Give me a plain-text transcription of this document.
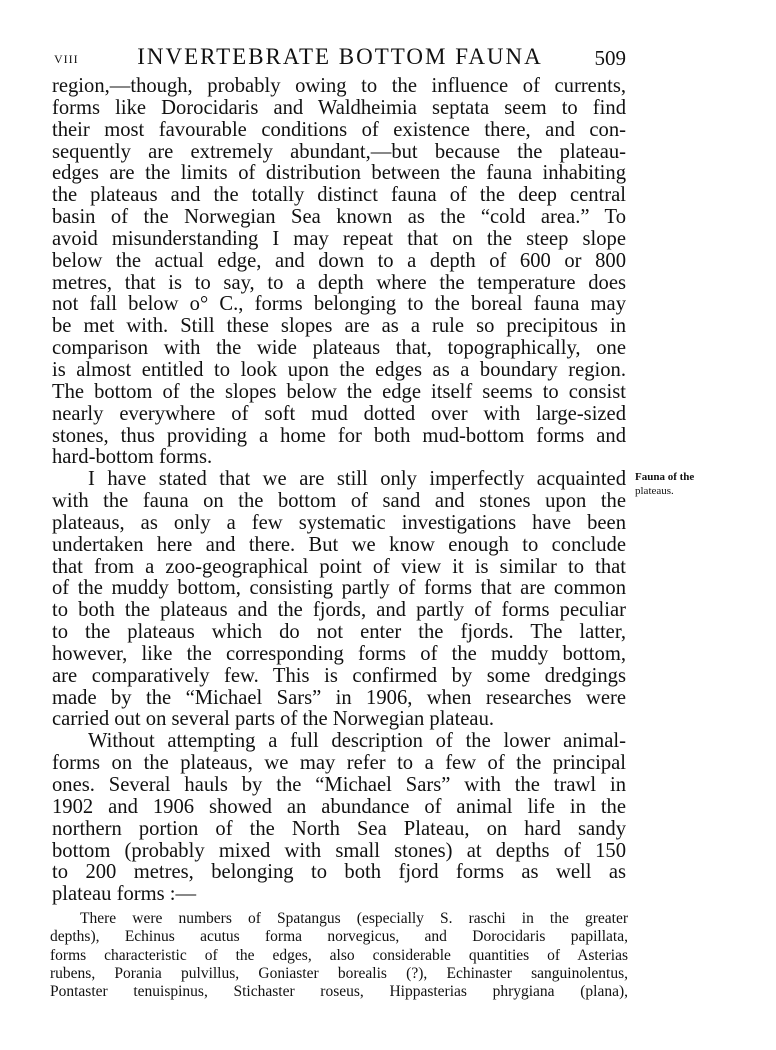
VIII	INVERTEBRATE BOTTOM FAUNA	509
Fauna of the
plateaus.
region,—though, probably owing to the influence of currents,
forms like Dorocidaris and Waldheimia septata seem to find
their most favourable conditions of existence there, and con-
sequently are extremely abundant,—but because the plateau-
edges are the limits of distribution between the fauna inhabiting
the plateaus and the totally distinct fauna of the deep central
basin of the Norwegian Sea known as the “cold area.” To
avoid misunderstanding I may repeat that on the steep slope
below the actual edge, and down to a depth of 600 or 800
metres, that is to say, to a depth where the temperature does
not fall below o° C., forms belonging to the boreal fauna may
be met with. Still these slopes are as a rule so precipitous in
comparison with the wide plateaus that, topographically, one
is almost entitled to look upon the edges as a boundary region.
The bottom of the slopes below the edge itself seems to consist
nearly everywhere of soft mud dotted over with large-sized
stones, thus providing a home for both mud-bottom forms and
hard-bottom forms.
I have stated that we are still only imperfectly acquainted
with the fauna on the bottom of sand and stones upon the
plateaus, as only a few systematic investigations have been
undertaken here and there. But we know enough to conclude
that from a zoo-geographical point of view it is similar to that
of the muddy bottom, consisting partly of forms that are common
to both the plateaus and the fjords, and partly of forms peculiar
to the plateaus which do not enter the fjords. The latter,
however, like the corresponding forms of the muddy bottom,
are comparatively few. This is confirmed by some dredgings
made by the “Michael Sars” in 1906, when researches were
carried out on several parts of the Norwegian plateau.
Without attempting a full description of the lower animal-
forms on the plateaus, we may refer to a few of the principal
ones. Several hauls by the “Michael Sars” with the trawl in
1902 and 1906 showed an abundance of animal life in the
northern portion of the North Sea Plateau, on hard sandy
bottom (probably mixed with small stones) at depths of 150
to 200 metres, belonging to both fjord forms as well as
plateau forms :—
There were numbers of Spatangus (especially S. raschi in the greater
depths), Echinus acutus forma norvegicus, and Dorocidaris papillata,
forms characteristic of the edges, also considerable quantities of Asterias
rubens, Porania pulvillus, Goniaster borealis (?), Echinaster sanguinolentus,
Pontaster tenuispinus, Stichaster roseus, Hippasterias phrygiana (plana),
